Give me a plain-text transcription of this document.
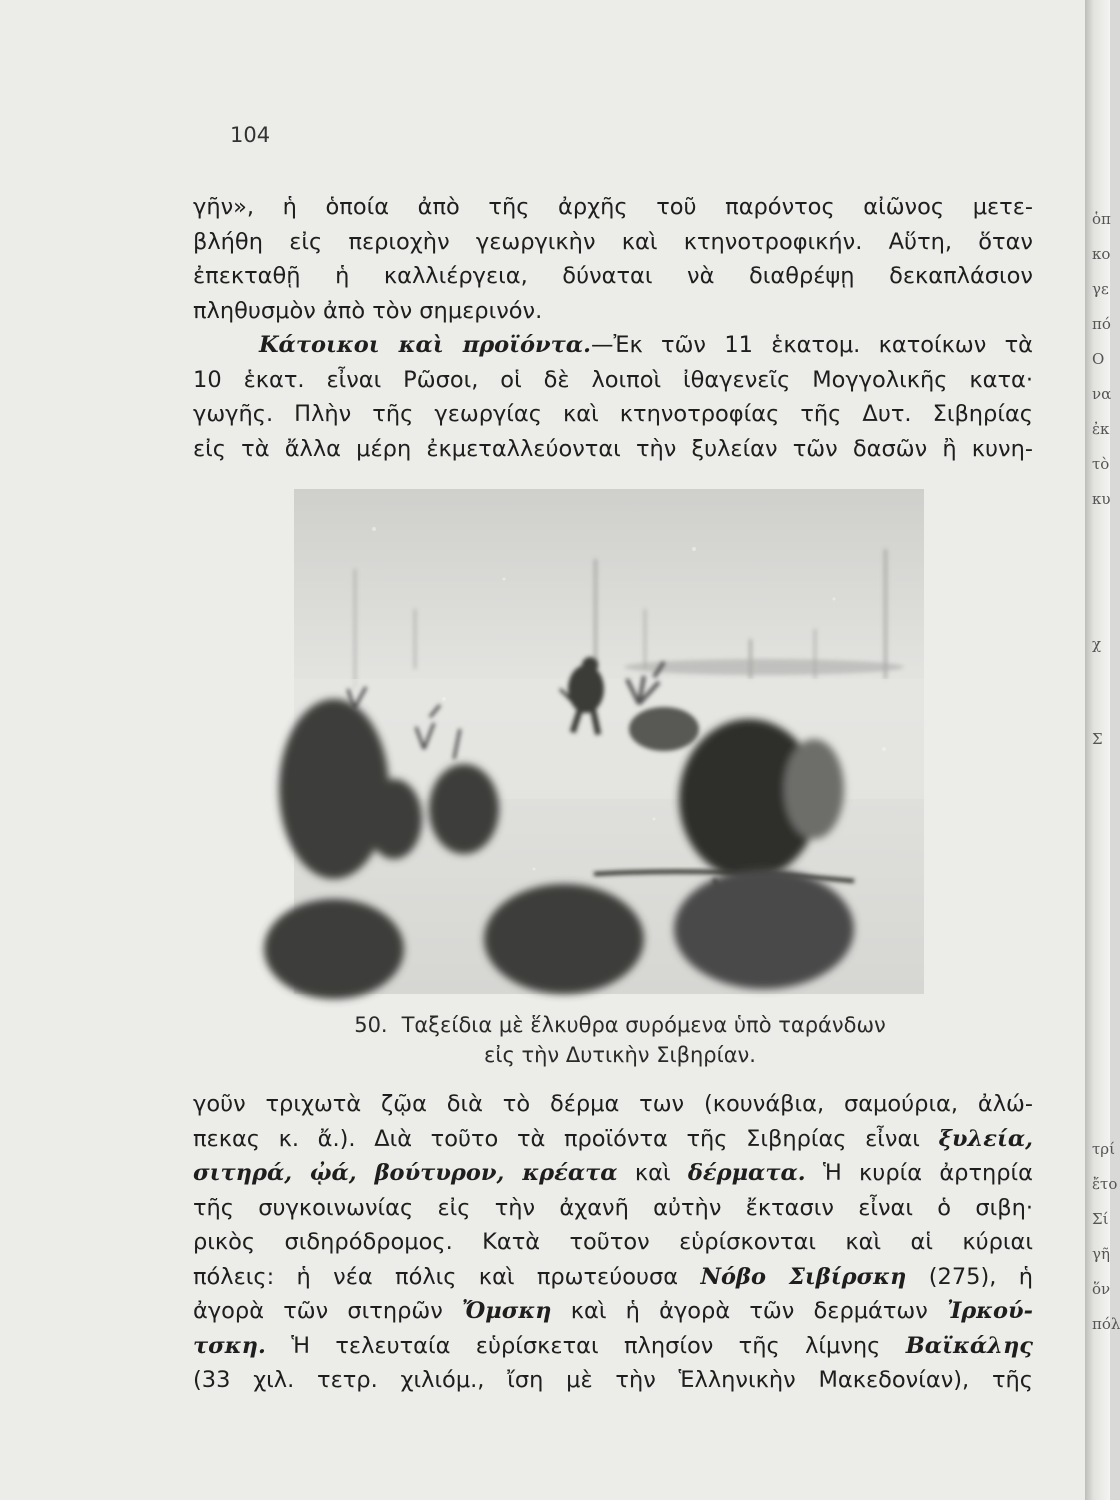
104
γῆν», ἡ ὁποία ἀπὸ τῆς ἀρχῆς τοῦ παρόντος αἰῶνος μετε-
βλήθη εἰς περιοχὴν γεωργικὴν καὶ κτηνοτροφικήν. Αὕτη, ὅταν
ἐπεκταθῇ ἡ καλλιέργεια, δύναται νὰ διαθρέψῃ δεκαπλάσιον
πληθυσμὸν ἀπὸ τὸν σημερινόν.
Κάτοικοι καὶ προϊόντα.—Ἐκ τῶν 11 ἑκατομ. κατοίκων τὰ
10 ἑκατ. εἶναι Ρῶσοι, οἱ δὲ λοιποὶ ἰθαγενεῖς Μογγολικῆς κατα·
γωγῆς. Πλὴν τῆς γεωργίας καὶ κτηνοτροφίας τῆς Δυτ. Σιβηρίας
εἰς τὰ ἄλλα μέρη ἐκμεταλλεύονται τὴν ξυλείαν τῶν δασῶν ἢ κυνη-
50. Ταξείδια μὲ ἕλκυθρα συρόμενα ὑπὸ ταράνδων
εἰς τὴν Δυτικὴν Σιβηρίαν.
γοῦν τριχωτὰ ζῷα διὰ τὸ δέρμα των (κουνάβια, σαμούρια, ἀλώ-
πεκας κ. ἄ.). Διὰ τοῦτο τὰ προϊόντα τῆς Σιβηρίας εἶναι ξυλεία,
σιτηρά, ᾠά, βούτυρον, κρέατα καὶ δέρματα. Ἡ κυρία ἀρτηρία
τῆς συγκοινωνίας εἰς τὴν ἀχανῆ αὐτὴν ἔκτασιν εἶναι ὁ σιβη·
ρικὸς σιδηρόδρομος. Κατὰ τοῦτον εὑρίσκονται καὶ αἱ κύριαι
πόλεις: ἡ νέα πόλις καὶ πρωτεύουσα Νόβο Σιβίρσκη (275), ἡ
ἀγορὰ τῶν σιτηρῶν Ὄμσκη καὶ ἡ ἀγορὰ τῶν δερμάτων Ἰρκού-
τσκη. Ἡ τελευταία εὑρίσκεται πλησίον τῆς λίμνης Βαϊκάλης
(33 χιλ. τετρ. χιλιόμ., ἴση μὲ τὴν Ἑλληνικὴν Μακεδονίαν), τῆς
ὁπ
κο
γε
πό
Ο
να
ἐκ
τὸ
κυ
χ
Σ
τρί
ἔτο
Σί
γῆ
ὅν
πόλ
